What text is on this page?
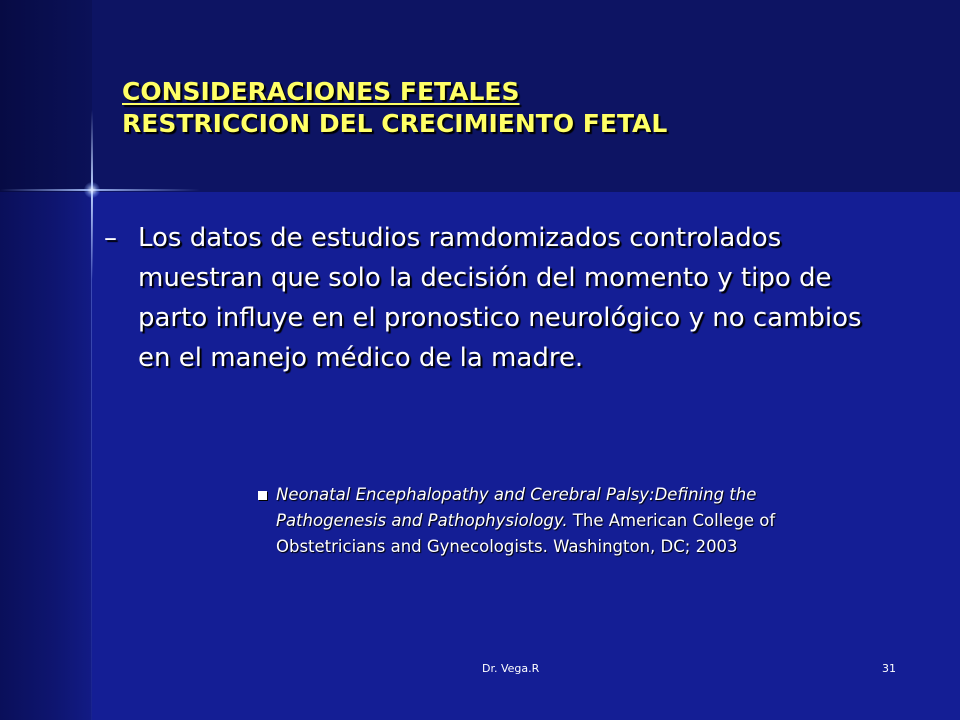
CONSIDERACIONES FETALES
RESTRICCION DEL CRECIMIENTO FETAL
– Los datos de estudios ramdomizados controlados muestran que solo la decisión del momento y tipo de parto influye en el pronostico neurológico y no cambios en el manejo médico de la madre.
Neonatal Encephalopathy and Cerebral Palsy:Defining the Pathogenesis and Pathophysiology. The American College of Obstetricians and Gynecologists. Washington, DC; 2003
Dr. Vega.R	31
